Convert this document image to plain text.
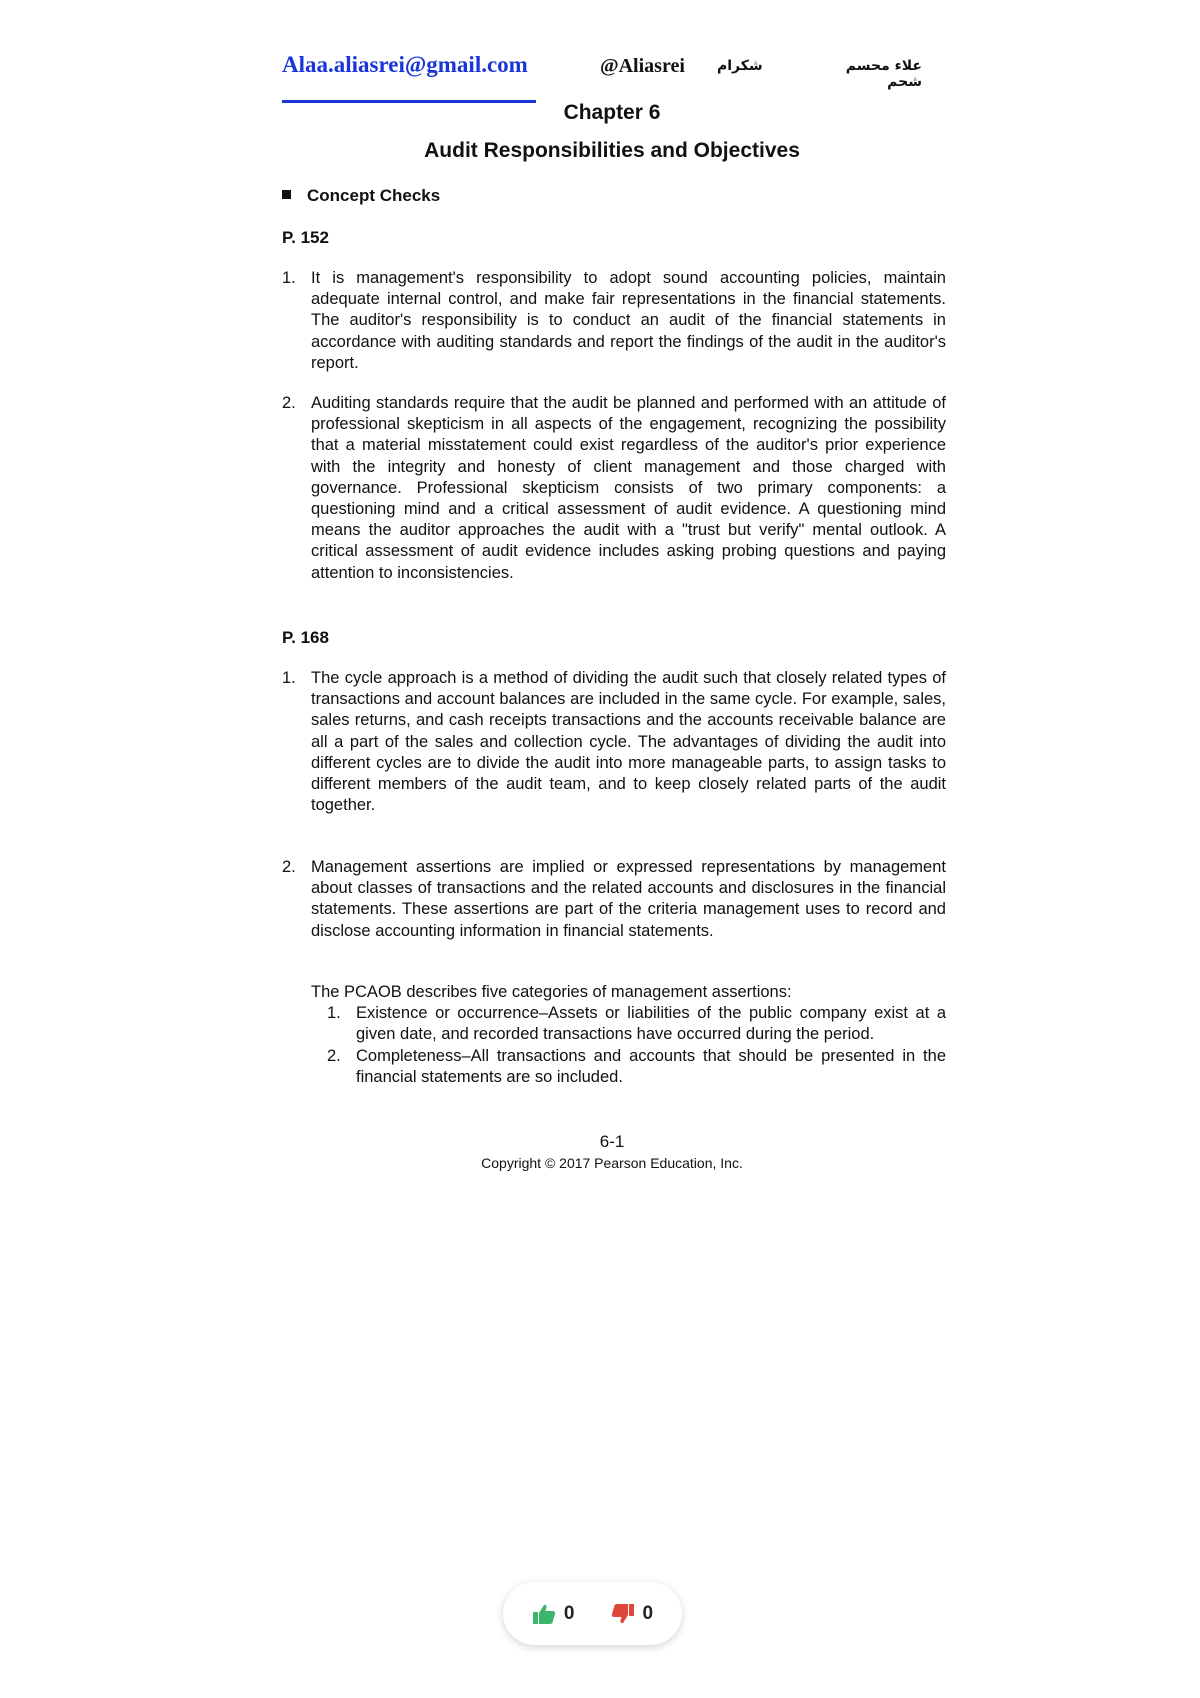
Alaa.aliasrei@gmail.com	@Aliasrei شكرام	علاء محسم شحم
Chapter 6
Audit Responsibilities and Objectives
Concept Checks
P. 152
1. It is management's responsibility to adopt sound accounting policies, maintain adequate internal control, and make fair representations in the financial statements. The auditor's responsibility is to conduct an audit of the financial statements in accordance with auditing standards and report the findings of the audit in the auditor's report.
2. Auditing standards require that the audit be planned and performed with an attitude of professional skepticism in all aspects of the engagement, recognizing the possibility that a material misstatement could exist regardless of the auditor's prior experience with the integrity and honesty of client management and those charged with governance. Professional skepticism consists of two primary components: a questioning mind and a critical assessment of audit evidence. A questioning mind means the auditor approaches the audit with a "trust but verify" mental outlook. A critical assessment of audit evidence includes asking probing questions and paying attention to inconsistencies.
P. 168
1. The cycle approach is a method of dividing the audit such that closely related types of transactions and account balances are included in the same cycle. For example, sales, sales returns, and cash receipts transactions and the accounts receivable balance are all a part of the sales and collection cycle. The advantages of dividing the audit into different cycles are to divide the audit into more manageable parts, to assign tasks to different members of the audit team, and to keep closely related parts of the audit together.
2. Management assertions are implied or expressed representations by management about classes of transactions and the related accounts and disclosures in the financial statements. These assertions are part of the criteria management uses to record and disclose accounting information in financial statements.
The PCAOB describes five categories of management assertions:
1. Existence or occurrence–Assets or liabilities of the public company exist at a given date, and recorded transactions have occurred during the period.
2. Completeness–All transactions and accounts that should be presented in the financial statements are so included.
6-1
Copyright © 2017 Pearson Education, Inc.
0	0
